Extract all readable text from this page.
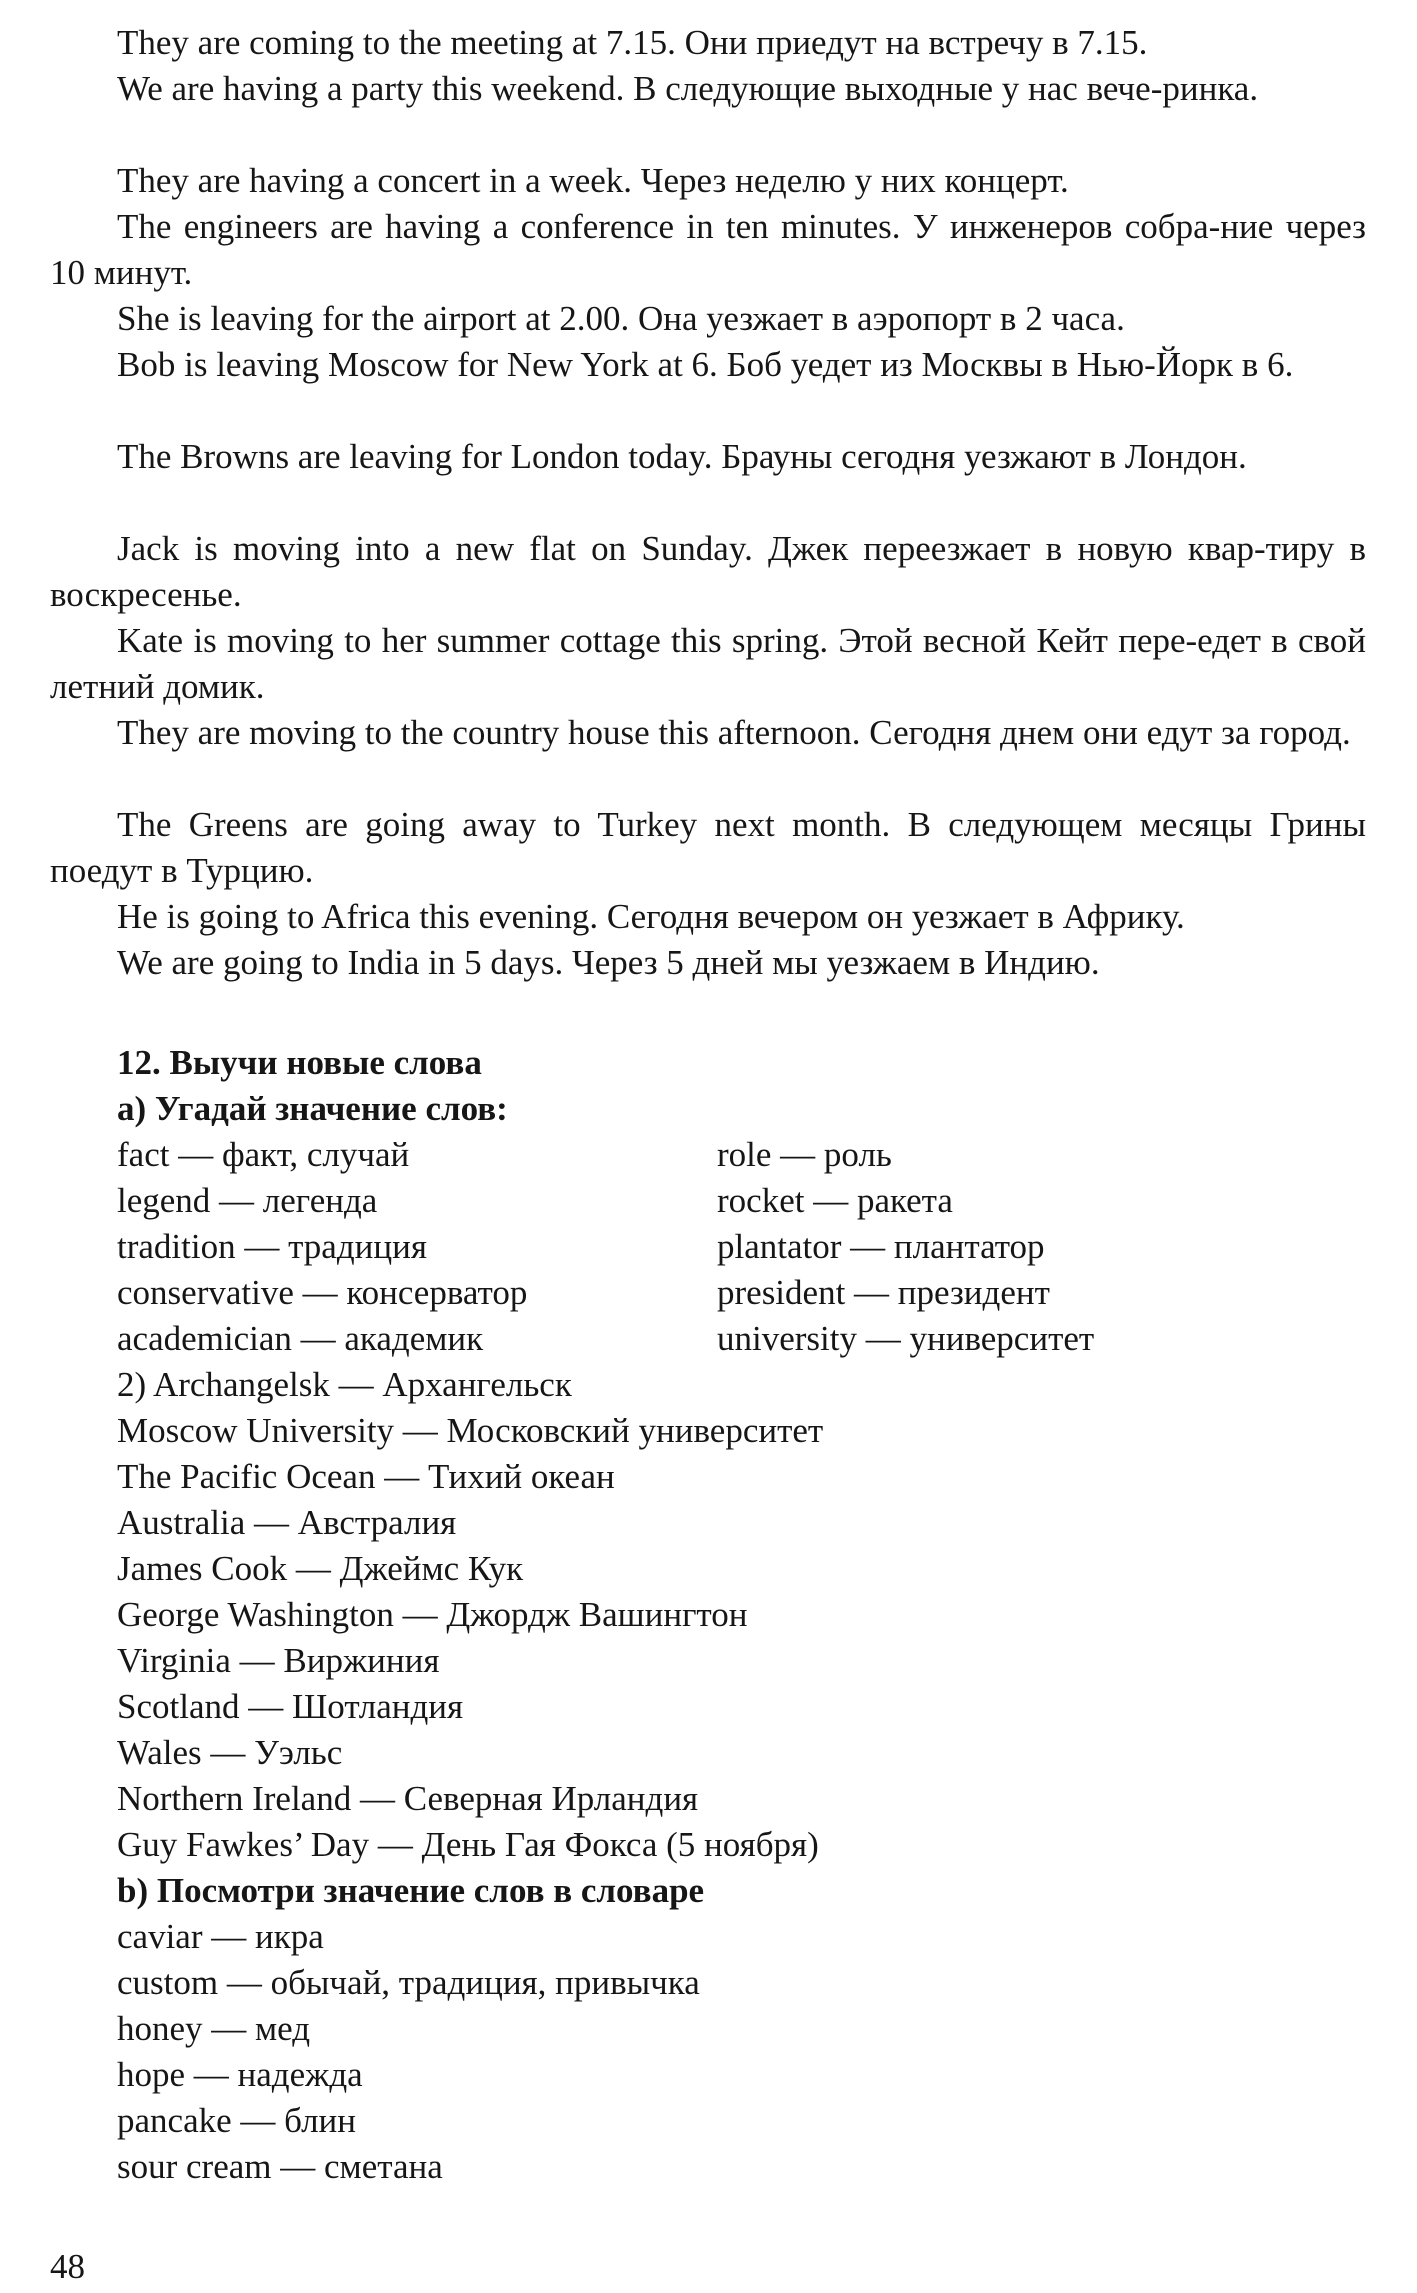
They are coming to the meeting at 7.15. Они приедут на встречу в 7.15.

We are having a party this weekend. В следующие выходные у нас вече-ринка.

They are having a concert in a week. Через неделю у них концерт.

The engineers are having a conference in ten minutes. У инженеров собра-ние через 10 минут.

She is leaving for the airport at 2.00. Она уезжает в аэропорт в 2 часа.

Bob is leaving Moscow for New York at 6. Боб уедет из Москвы в Нью-Йорк в 6.

The Browns are leaving for London today. Брауны сегодня уезжают в Лондон.

Jack is moving into a new flat on Sunday. Джек переезжает в новую квар-тиру в воскресенье.

Kate is moving to her summer cottage this spring. Этой весной Кейт пере-едет в свой летний домик.

They are moving to the country house this afternoon. Сегодня днем они едут за город.

The Greens are going away to Turkey next month. В следующем месяцы Грины поедут в Турцию.

He is going to Africa this evening. Сегодня вечером он уезжает в Африку.

We are going to India in 5 days. Через 5 дней мы уезжаем в Индию.

12. Выучи новые слова

a) Угадай значение слов:

fact — факт, случай

legend — легенда

tradition — традиция

conservative — консерватор

academician — академик

role — роль

rocket — ракета

plantator — плантатор

president — президент

university — университет

2) Archangelsk — Архангельск

Moscow University — Московский университет

The Pacific Ocean — Тихий океан

Australia — Австралия

James Cook — Джеймс Кук

George Washington — Джордж Вашингтон

Virginia — Виржиния

Scotland — Шотландия

Wales — Уэльс

Northern Ireland — Северная Ирландия

Guy Fawkes’ Day — День Гая Фокса (5 ноября)

b) Посмотри значение слов в словаре

caviar — икра

custom — обычай, традиция, привычка

honey — мед

hope — надежда

pancake — блин

sour cream — сметана

48
